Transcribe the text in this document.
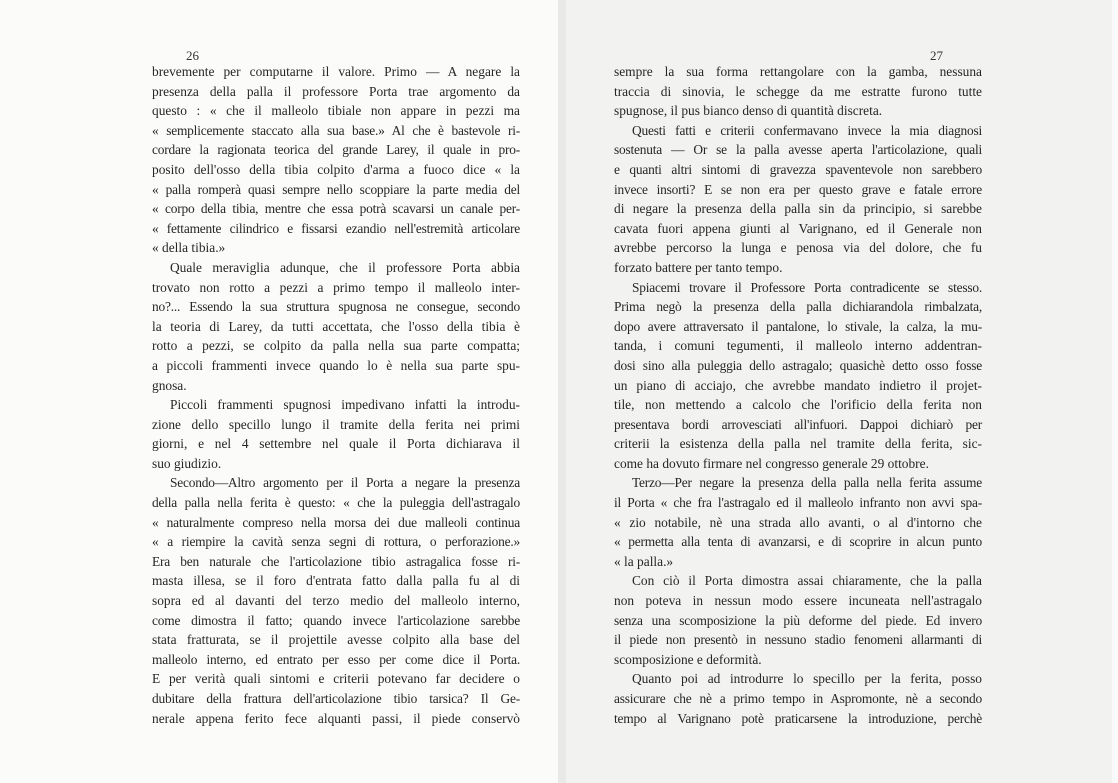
26
brevemente per computarne il valore. Primo — A negare la
presenza della palla il professore Porta trae argomento da
questo : « che il malleolo tibiale non appare in pezzi ma
« semplicemente staccato alla sua base.» Al che è bastevole ri-
cordare la ragionata teorica del grande Larey, il quale in pro-
posito dell'osso della tibia colpito d'arma a fuoco dice « la
« palla romperà quasi sempre nello scoppiare la parte media del
« corpo della tibia, mentre che essa potrà scavarsi un canale per-
« fettamente cilindrico e fissarsi ezandio nell'estremità articolare
« della tibia.»
Quale meraviglia adunque, che il professore Porta abbia
trovato non rotto a pezzi a primo tempo il malleolo inter-
no?... Essendo la sua struttura spugnosa ne consegue, secondo
la teoria di Larey, da tutti accettata, che l'osso della tibia è
rotto a pezzi, se colpito da palla nella sua parte compatta;
a piccoli frammenti invece quando lo è nella sua parte spu-
gnosa.
Piccoli frammenti spugnosi impedivano infatti la introdu-
zione dello specillo lungo il tramite della ferita nei primi
giorni, e nel 4 settembre nel quale il Porta dichiarava il
suo giudizio.
Secondo—Altro argomento per il Porta a negare la presenza
della palla nella ferita è questo: « che la puleggia dell'astragalo
« naturalmente compreso nella morsa dei due malleoli continua
« a riempire la cavità senza segni di rottura, o perforazione.»
Era ben naturale che l'articolazione tibio astragalica fosse ri-
masta illesa, se il foro d'entrata fatto dalla palla fu al di
sopra ed al davanti del terzo medio del malleolo interno,
come dimostra il fatto; quando invece l'articolazione sarebbe
stata fratturata, se il projettile avesse colpito alla base del
malleolo interno, ed entrato per esso per come dice il Porta.
E per verità quali sintomi e criterii potevano far decidere o
dubitare della frattura dell'articolazione tibio tarsica? Il Ge-
nerale appena ferito fece alquanti passi, il piede conservò
27
sempre la sua forma rettangolare con la gamba, nessuna
traccia di sinovia, le schegge da me estratte furono tutte
spugnose, il pus bianco denso di quantità discreta.
Questi fatti e criterii confermavano invece la mia diagnosi
sostenuta — Or se la palla avesse aperta l'articolazione, quali
e quanti altri sintomi di gravezza spaventevole non sarebbero
invece insorti? E se non era per questo grave e fatale errore
di negare la presenza della palla sin da principio, si sarebbe
cavata fuori appena giunti al Varignano, ed il Generale non
avrebbe percorso la lunga e penosa via del dolore, che fu
forzato battere per tanto tempo.
Spiacemi trovare il Professore Porta contradicente se stesso.
Prima negò la presenza della palla dichiarandola rimbalzata,
dopo avere attraversato il pantalone, lo stivale, la calza, la mu-
tanda, i comuni tegumenti, il malleolo interno addentran-
dosi sino alla puleggia dello astragalo; quasichè detto osso fosse
un piano di acciajo, che avrebbe mandato indietro il projet-
tile, non mettendo a calcolo che l'orificio della ferita non
presentava bordi arrovesciati all'infuori. Dappoi dichiarò per
criterii la esistenza della palla nel tramite della ferita, sic-
come ha dovuto firmare nel congresso generale 29 ottobre.
Terzo—Per negare la presenza della palla nella ferita assume
il Porta « che fra l'astragalo ed il malleolo infranto non avvi spa-
« zio notabile, nè una strada allo avanti, o al d'intorno che
« permetta alla tenta di avanzarsi, e di scoprire in alcun punto
« la palla.»
Con ciò il Porta dimostra assai chiaramente, che la palla
non poteva in nessun modo essere incuneata nell'astragalo
senza una scomposizione la più deforme del piede. Ed invero
il piede non presentò in nessuno stadio fenomeni allarmanti di
scomposizione e deformità.
Quanto poi ad introdurre lo specillo per la ferita, posso
assicurare che nè a primo tempo in Aspromonte, nè a secondo
tempo al Varignano potè praticarsene la introduzione, perchè
